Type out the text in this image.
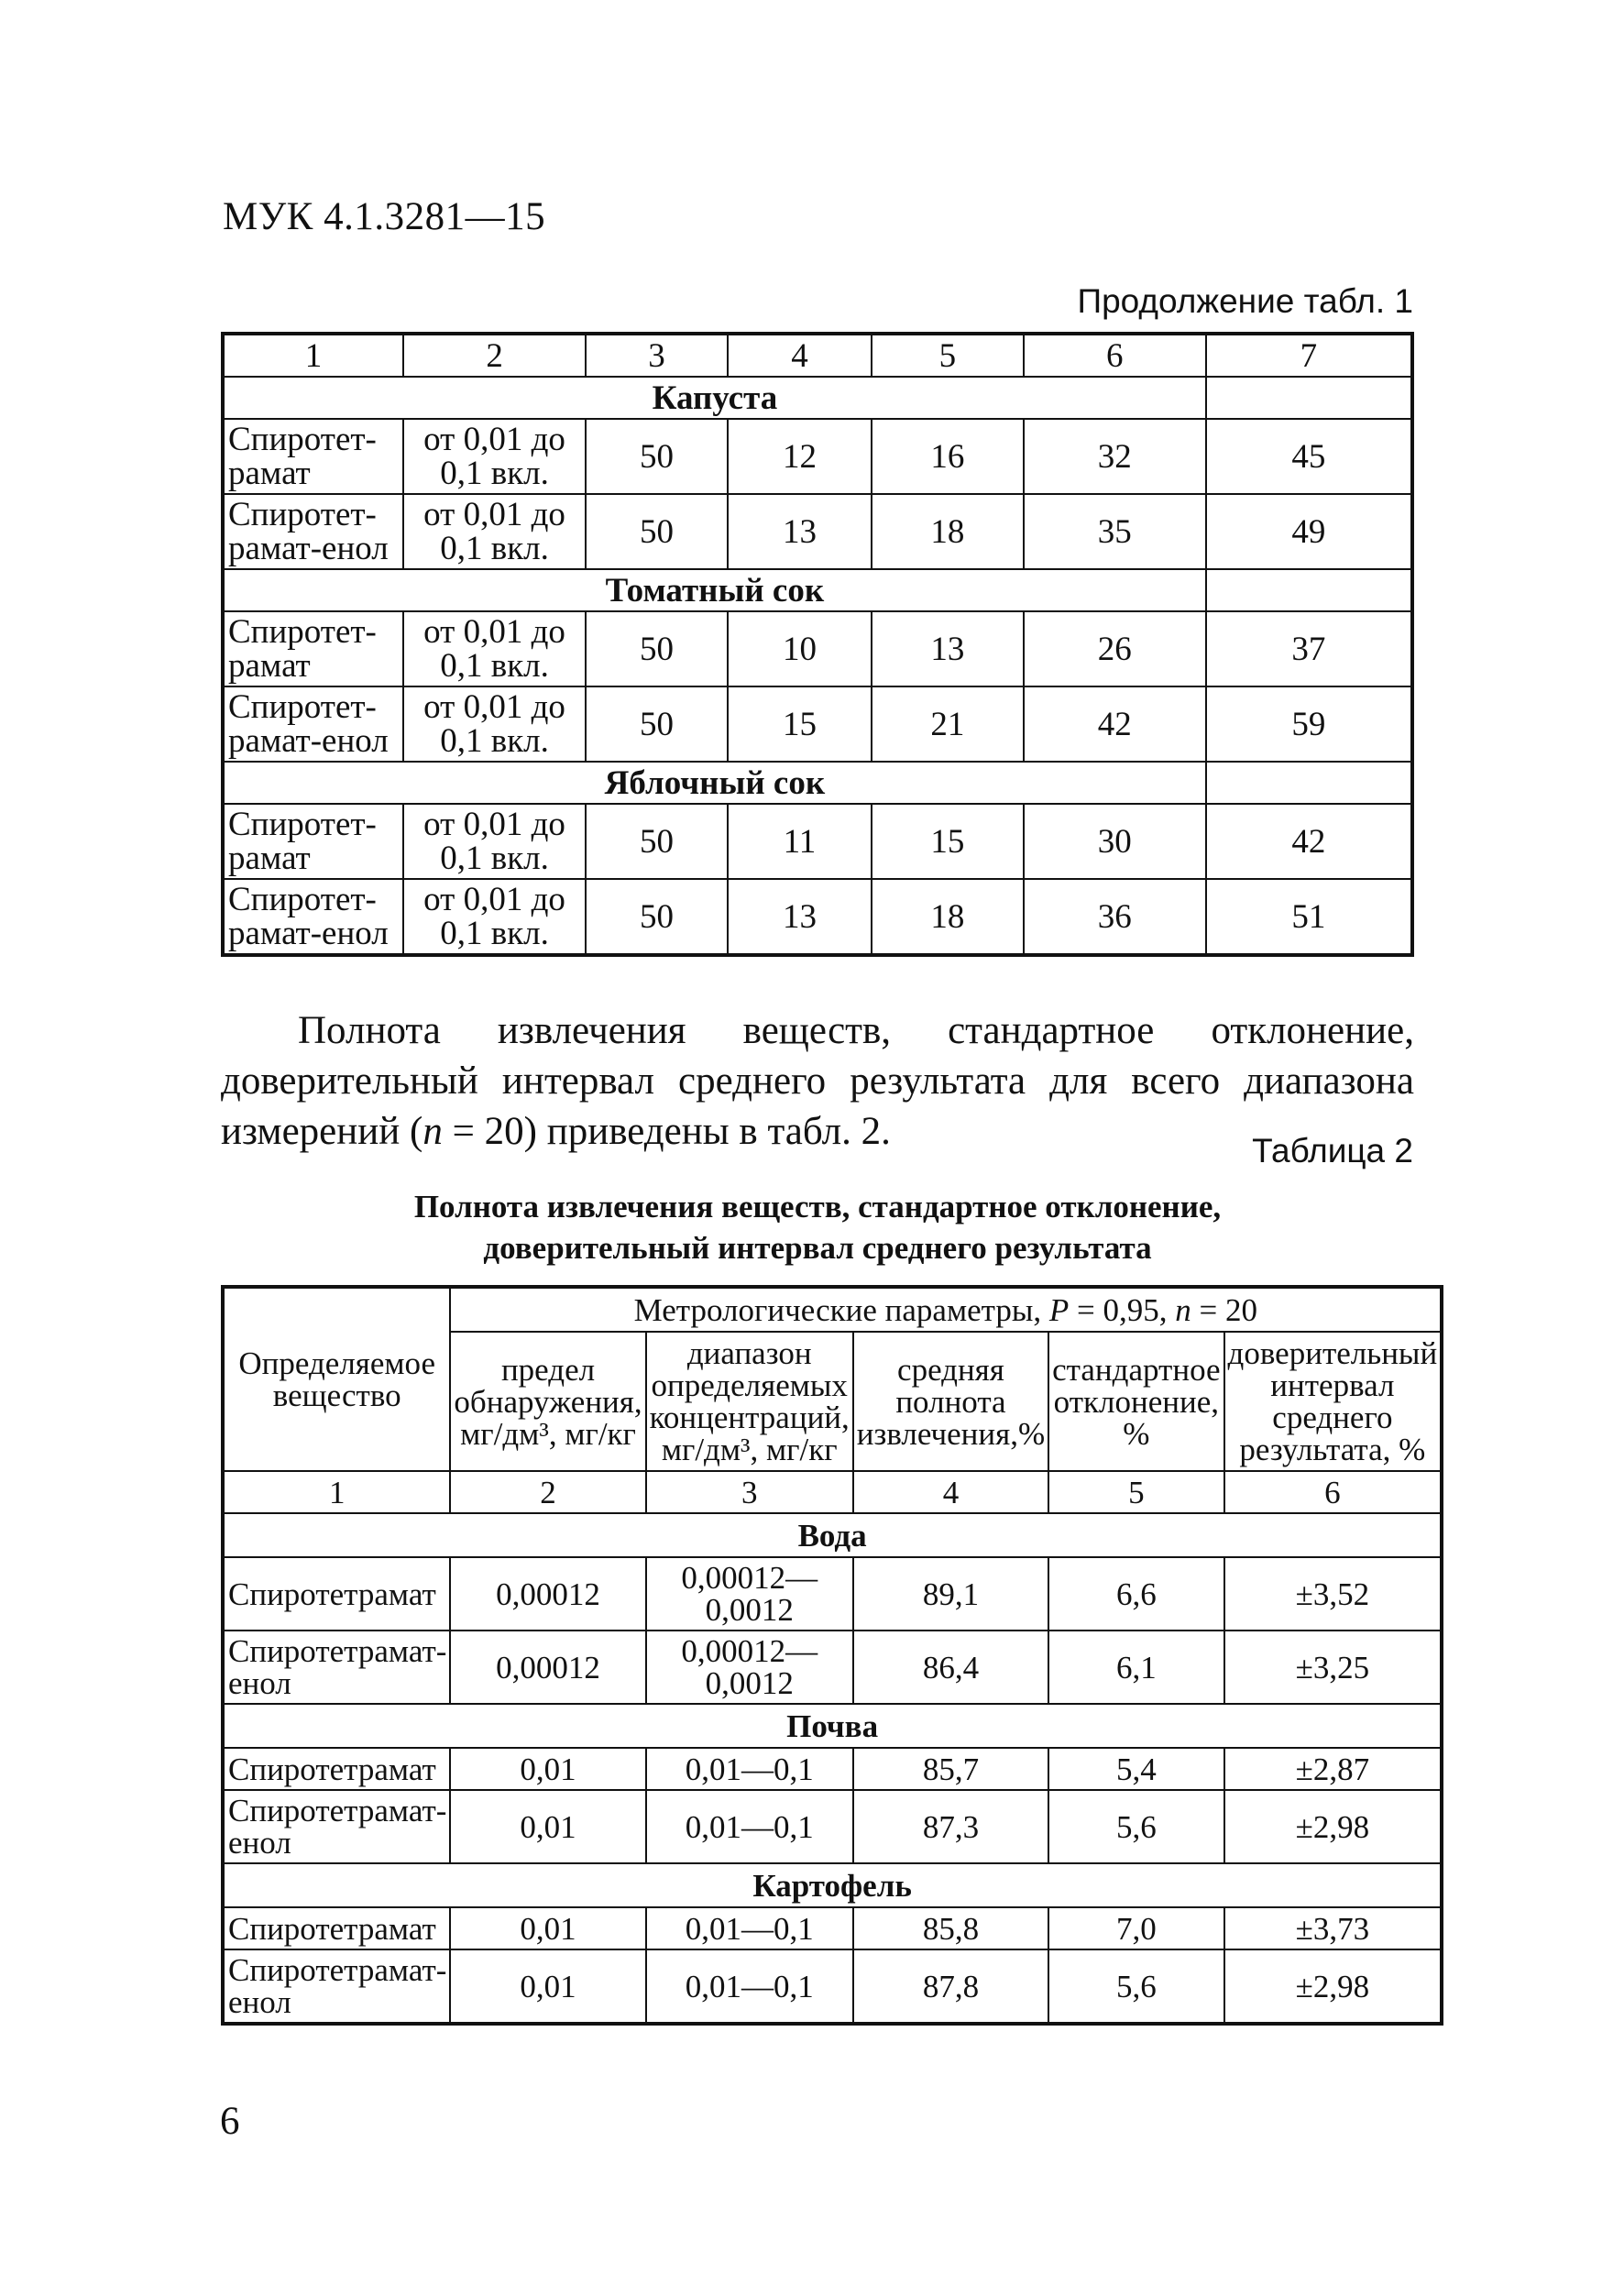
МУК 4.1.3281—15
Продолжение табл. 1
1	2	3	4	5	6	7
Капуста						
Спиротет-рамат	от 0,01 до 0,1 вкл.	50	12	16	32	45
Спиротет-рамат-енол	от 0,01 до 0,1 вкл.	50	13	18	35	49
Томатный сок						
Спиротет-рамат	от 0,01 до 0,1 вкл.	50	10	13	26	37
Спиротет-рамат-енол	от 0,01 до 0,1 вкл.	50	15	21	42	59
Яблочный сок						
Спиротет-рамат	от 0,01 до 0,1 вкл.	50	11	15	30	42
Спиротет-рамат-енол	от 0,01 до 0,1 вкл.	50	13	18	36	51
Полнота извлечения веществ, стандартное отклонение, доверительный интервал среднего результата для всего диапазона измерений (n = 20) приведены в табл. 2.	Таблица 2
Полнота извлечения веществ, стандартное отклонение,
доверительный интервал среднего результата
Определяемое вещество	Метрологические параметры, P = 0,95, n = 20				
	предел обнаружения, мг/дм³, мг/кг	диапазон определяемых концентраций, мг/дм³, мг/кг	средняя полнота извлечения,%	стандартное отклонение, %	доверительный интервал среднего результата, %
1	2	3	4	5	6
Вода					
Спиротетрамат	0,00012	0,00012—0,0012	89,1	6,6	±3,52
Спиротетрамат-енол	0,00012	0,00012—0,0012	86,4	6,1	±3,25
Почва					
Спиротетрамат	0,01	0,01—0,1	85,7	5,4	±2,87
Спиротетрамат-енол	0,01	0,01—0,1	87,3	5,6	±2,98
Картофель					
Спиротетрамат	0,01	0,01—0,1	85,8	7,0	±3,73
Спиротетрамат-енол	0,01	0,01—0,1	87,8	5,6	±2,98
6
